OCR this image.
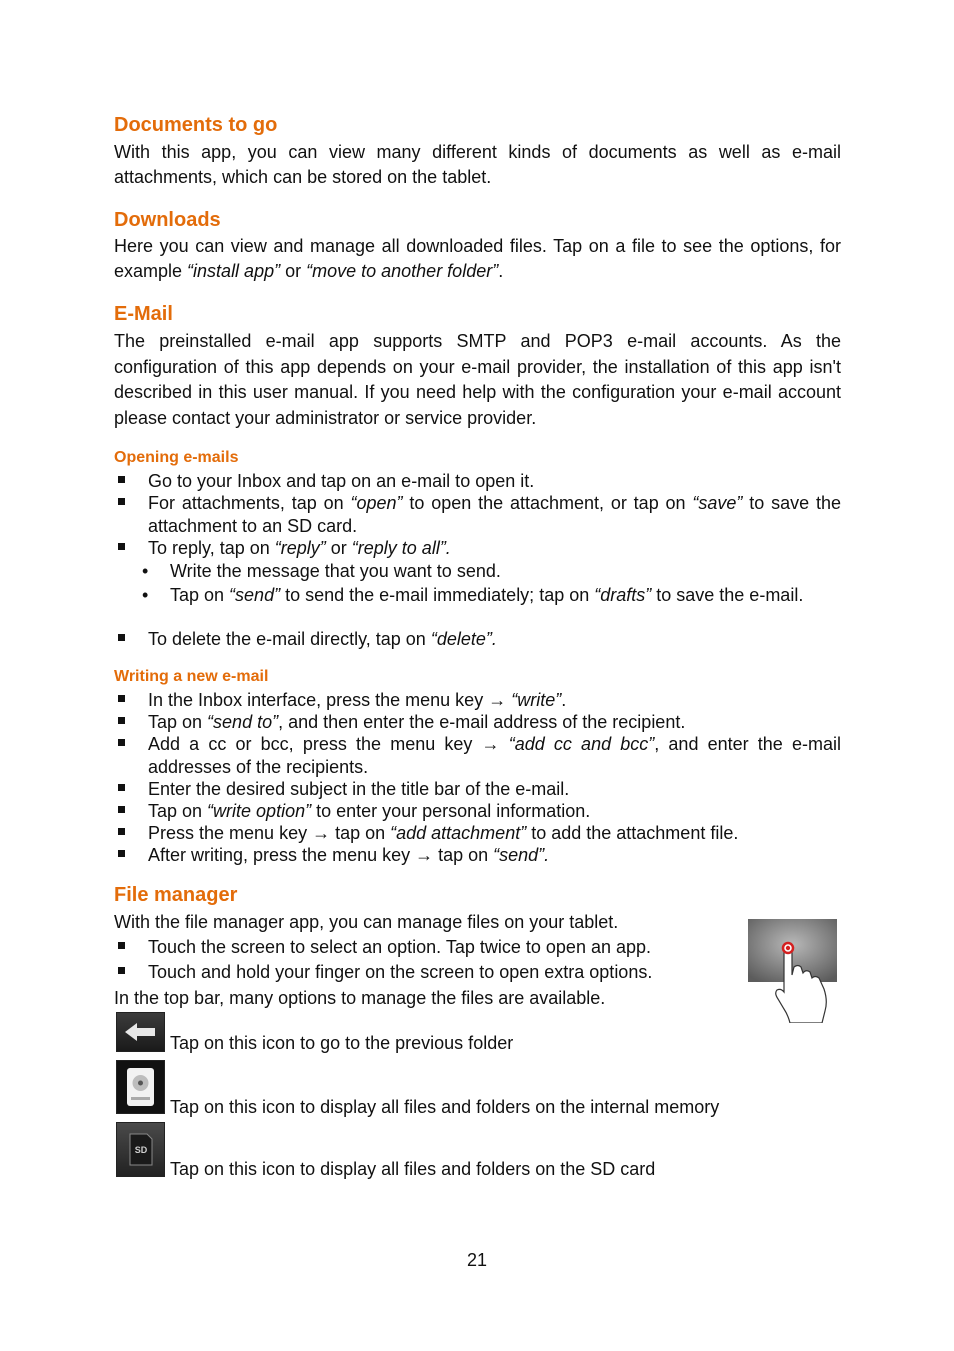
Documents to go

With this app, you can view many different kinds of documents as well as e-mail attachments, which can be stored on the tablet.

Downloads

Here you can view and manage all downloaded files. Tap on a file to see the options, for example “install app” or “move to another folder”.

E-Mail

The preinstalled e-mail app supports SMTP and POP3 e-mail accounts. As the configuration of this app depends on your e-mail provider, the installation of this app isn't described in this user manual. If you need help with the configuration your e-mail account please contact your administrator or service provider.

Opening e-mails
Go to your Inbox and tap on an e-mail to open it.
For attachments, tap on “open” to open the attachment, or tap on “save” to save the attachment to an SD card.
To reply, tap on “reply” or “reply to all”.
•
Write the message that you want to send.
•
Tap on “send” to send the e-mail immediately; tap on “drafts” to save the e-mail.
To delete the e-mail directly, tap on “delete”.
Writing a new e-mail
In the Inbox interface, press the menu key → “write”.
Tap on “send to”, and then enter the e-mail address of the recipient.
Add a cc or bcc, press the menu key → “add cc and bcc”, and enter the e-mail addresses of the recipients.
Enter the desired subject in the title bar of the e-mail.
Tap on “write option” to enter your personal information.
Press the menu key → tap on “add attachment” to add the attachment file.
After writing, press the menu key → tap on “send”.
File manager

With the file manager app, you can manage files on your tablet.

Touch the screen to select an option. Tap twice to open an app.
Touch and hold your finger on the screen to open extra options.

In the top bar, many options to manage the files are available.

Tap on this icon to go to the previous folder
Tap on this icon to display all files and folders on the internal memory
SD
Tap on this icon to display all files and folders on the SD card
21
